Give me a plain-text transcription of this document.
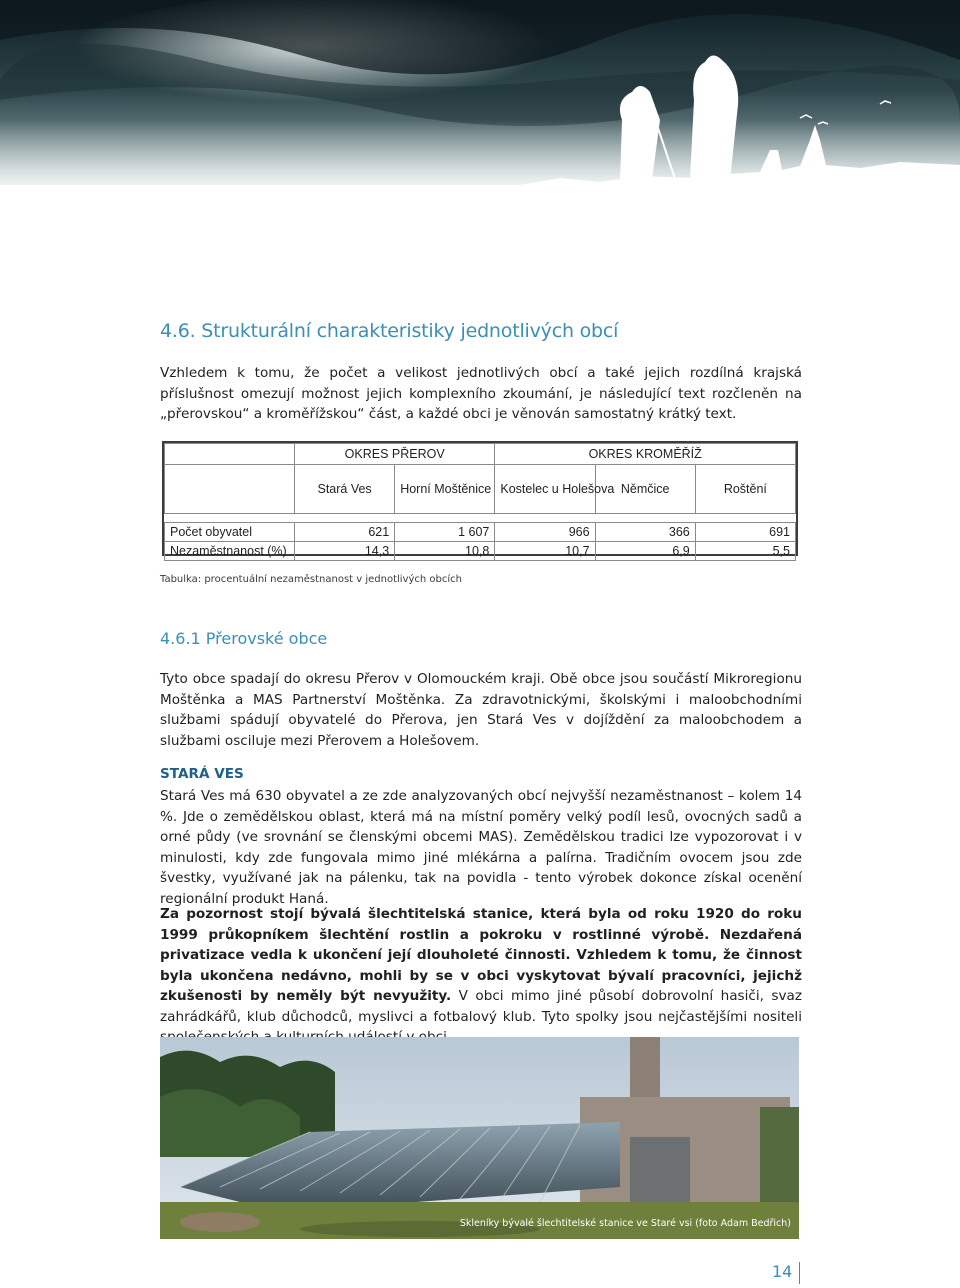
4.6. Strukturální charakteristiky jednotlivých obcí

Vzhledem k tomu, že počet a velikost jednotlivých obcí a také jejich rozdílná krajská příslušnost omezují možnost jejich komplexního zkoumání, je následující text rozčleněn na „přerovskou“ a kroměřížskou“ část, a každé obci je věnován samostatný krátký text.

	OKRES PŘEROV		OKRES KROMĚŘÍŽ		
	Stará Ves	Horní Moštěnice	Kostelec u Holešova	Němčice	Roštění

Počet obyvatel	621	1 607	966	366	691
Nezaměstnanost (%)	14,3	10,8	10,7	6,9	5,5
Tabulka: procentuální nezaměstnanost v jednotlivých obcích
4.6.1 Přerovské obce

Tyto obce spadají do okresu Přerov v Olomouckém kraji. Obě obce jsou součástí Mikroregionu Moštěnka a MAS Partnerství Moštěnka. Za zdravotnickými, školskými i maloobchodními službami spádují obyvatelé do Přerova, jen Stará Ves v dojíždění za maloobchodem a službami osciluje mezi Přerovem a Holešovem.

STARÁ VES

Stará Ves má 630 obyvatel a ze zde analyzovaných obcí nejvyšší nezaměstnanost – kolem 14 %. Jde o zemědělskou oblast, která má na místní poměry velký podíl lesů, ovocných sadů a orné půdy (ve srovnání se členskými obcemi MAS). Zemědělskou tradici lze vypozorovat i v minulosti, kdy zde fungovala mimo jiné mlékárna a palírna. Tradičním ovocem jsou zde švestky, využívané jak na pálenku, tak na povidla - tento výrobek dokonce získal ocenění regionální produkt Haná.

Za pozornost stojí bývalá šlechtitelská stanice, která byla od roku 1920 do roku 1999 průkopníkem šlechtění rostlin a pokroku v rostlinné výrobě. Nezdařená privatizace vedla k ukončení její dlouholeté činnosti. Vzhledem k tomu, že činnost byla ukončena nedávno, mohli by se v obci vyskytovat bývalí pracovníci, jejichž zkušenosti by neměly být nevyužity. V obci mimo jiné působí dobrovolní hasiči, svaz zahrádkářů, klub důchodců, myslivci a fotbalový klub. Tyto spolky jsou nejčastějšími nositeli

Skleníky bývalé šlechtitelské stanice ve Staré vsi (foto Adam Bedřich)
14
